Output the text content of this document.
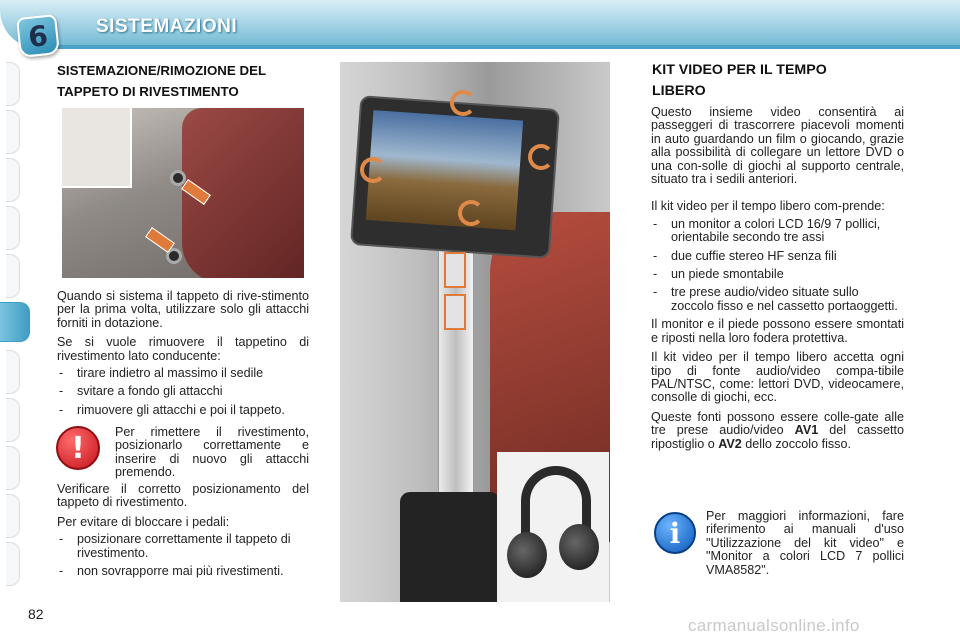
6 SISTEMAZIONI
SISTEMAZIONE/RIMOZIONE DEL
TAPPETO DI RIVESTIMENTO

Quando si sistema il tappeto di rive-stimento per la prima volta, utilizzare solo gli attacchi forniti in dotazione.

Se si vuole rimuovere il tappetino di rivestimento lato conducente:

- tirare indietro al massimo il sedile
- svitare a fondo gli attacchi
- rimuovere gli attacchi e poi il tappeto.
! Per rimettere il rivestimento, posizionarlo correttamente e inserire di nuovo gli attacchi premendo.

Verificare il corretto posizionamento del tappeto di rivestimento.

Per evitare di bloccare i pedali:

- posizionare correttamente il tappeto di rivestimento.
- non sovrapporre mai più rivestimenti.
KIT VIDEO PER IL TEMPO
LIBERO

Questo insieme video consentirà ai passeggeri di trascorrere piacevoli momenti in auto guardando un film o giocando, grazie alla possibilità di collegare un lettore DVD o una con-solle di giochi al supporto centrale, situato tra i sedili anteriori.

Il kit video per il tempo libero com-prende:

- un monitor a colori LCD 16/9 7 pollici, orientabile secondo tre assi
- due cuffie stereo HF senza fili
- un piede smontabile
- tre prese audio/video situate sullo zoccolo fisso e nel cassetto portaoggetti.

Il monitor e il piede possono essere smontati e riposti nella loro fodera protettiva.

Il kit video per il tempo libero accetta ogni tipo di fonte audio/video compa-tibile PAL/NTSC, come: lettori DVD, videocamere, consolle di giochi, ecc.

Queste fonti possono essere colle-gate alle tre prese audio/video AV1 del cassetto ripostiglio o AV2 dello zoccolo fisso.

i

Per maggiori informazioni, fare riferimento ai manuali d'uso "Utilizzazione del kit video" e "Monitor a colori LCD 7 pollici VMA8582".

82
carmanualsonline.info
